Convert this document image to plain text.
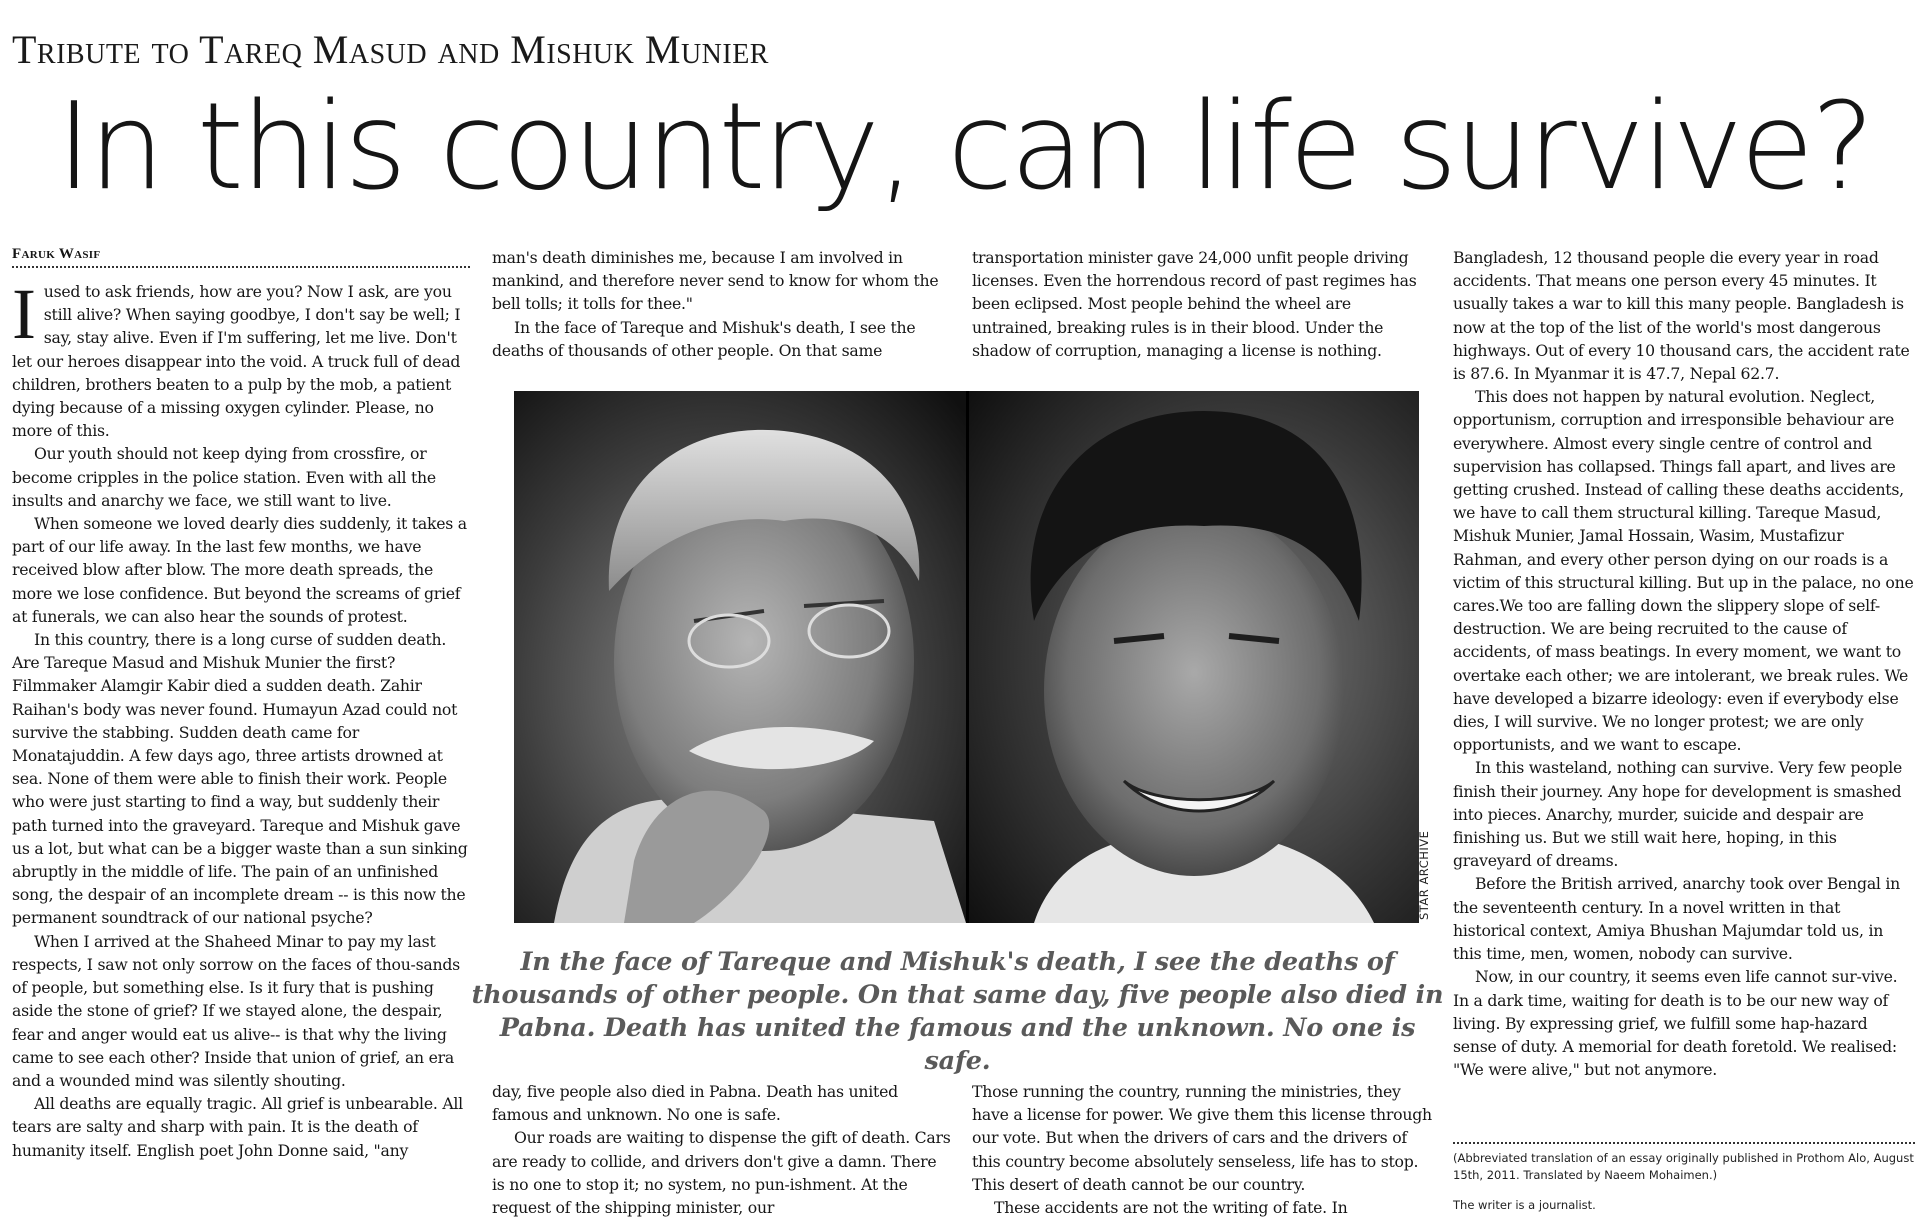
Tribute to Tareq Masud and Mishuk Munier
In this country, can life survive?
Faruk Wasif

I used to ask friends, how are you? Now I ask, are you still alive? When saying goodbye, I don't say be well; I say, stay alive. Even if I'm suffering, let me live. Don't let our heroes disappear into the void. A truck full of dead children, brothers beaten to a pulp by the mob, a patient dying because of a missing oxygen cylinder. Please, no more of this.

Our youth should not keep dying from crossfire, or become cripples in the police station. Even with all the insults and anarchy we face, we still want to live.

When someone we loved dearly dies suddenly, it takes a part of our life away. In the last few months, we have received blow after blow. The more death spreads, the more we lose confidence. But beyond the screams of grief at funerals, we can also hear the sounds of protest.

In this country, there is a long curse of sudden death. Are Tareque Masud and Mishuk Munier the first? Filmmaker Alamgir Kabir died a sudden death. Zahir Raihan's body was never found. Humayun Azad could not survive the stabbing. Sudden death came for Monatajuddin. A few days ago, three artists drowned at sea. None of them were able to finish their work. People who were just starting to find a way, but suddenly their path turned into the graveyard. Tareque and Mishuk gave us a lot, but what can be a bigger waste than a sun sinking abruptly in the middle of life. The pain of an unfinished song, the despair of an incomplete dream -- is this now the permanent soundtrack of our national psyche?

When I arrived at the Shaheed Minar to pay my last respects, I saw not only sorrow on the faces of thou-sands of people, but something else. Is it fury that is pushing aside the stone of grief? If we stayed alone, the despair, fear and anger would eat us alive-- is that why the living came to see each other? Inside that union of grief, an era and a wounded mind was silently shouting.

All deaths are equally tragic. All grief is unbearable. All tears are salty and sharp with pain. It is the death of humanity itself. English poet John Donne said, "any

man's death diminishes me, because I am involved in mankind, and therefore never send to know for whom the bell tolls; it tolls for thee."

In the face of Tareque and Mishuk's death, I see the deaths of thousands of other people. On that same

transportation minister gave 24,000 unfit people driving licenses. Even the horrendous record of past regimes has been eclipsed. Most people behind the wheel are untrained, breaking rules is in their blood. Under the shadow of corruption, managing a license is nothing.

Bangladesh, 12 thousand people die every year in road accidents. That means one person every 45 minutes. It usually takes a war to kill this many people. Bangladesh is now at the top of the list of the world's most dangerous highways. Out of every 10 thousand cars, the accident rate is 87.6. In Myanmar it is 47.7, Nepal 62.7.

This does not happen by natural evolution. Neglect, opportunism, corruption and irresponsible behaviour are everywhere. Almost every single centre of control and supervision has collapsed. Things fall apart, and lives are getting crushed. Instead of calling these deaths accidents, we have to call them structural killing. Tareque Masud, Mishuk Munier, Jamal Hossain, Wasim, Mustafizur Rahman, and every other person dying on our roads is a victim of this structural killing. But up in the palace, no one cares.We too are falling down the slippery slope of self-destruction. We are being recruited to the cause of accidents, of mass beatings. In every moment, we want to overtake each other; we are intolerant, we break rules. We have developed a bizarre ideology: even if everybody else dies, I will survive. We no longer protest; we are only opportunists, and we want to escape.

In this wasteland, nothing can survive. Very few people finish their journey. Any hope for development is smashed into pieces. Anarchy, murder, suicide and despair are finishing us. But we still wait here, hoping, in this graveyard of dreams.

Before the British arrived, anarchy took over Bengal in the seventeenth century. In a novel written in that historical context, Amiya Bhushan Majumdar told us, in this time, men, women, nobody can survive.

Now, in our country, it seems even life cannot sur-vive. In a dark time, waiting for death is to be our new way of living. By expressing grief, we fulfill some hap-hazard sense of duty. A memorial for death foretold. We realised: "We were alive," but not anymore.

STAR ARCHIVE
In the face of Tareque and Mishuk's death, I see the deaths of thousands of other people. On that same day, five people also died in Pabna. Death has united the famous and the unknown. No one is safe.

day, five people also died in Pabna. Death has united famous and unknown. No one is safe.

Our roads are waiting to dispense the gift of death. Cars are ready to collide, and drivers don't give a damn. There is no one to stop it; no system, no pun-ishment. At the request of the shipping minister, our

Those running the country, running the ministries, they have a license for power. We give them this license through our vote. But when the drivers of cars and the drivers of this country become absolutely senseless, life has to stop. This desert of death cannot be our country.

These accidents are not the writing of fate. In

(Abbreviated translation of an essay originally published in Prothom Alo, August 15th, 2011. Translated by Naeem Mohaimen.)
The writer is a journalist.
